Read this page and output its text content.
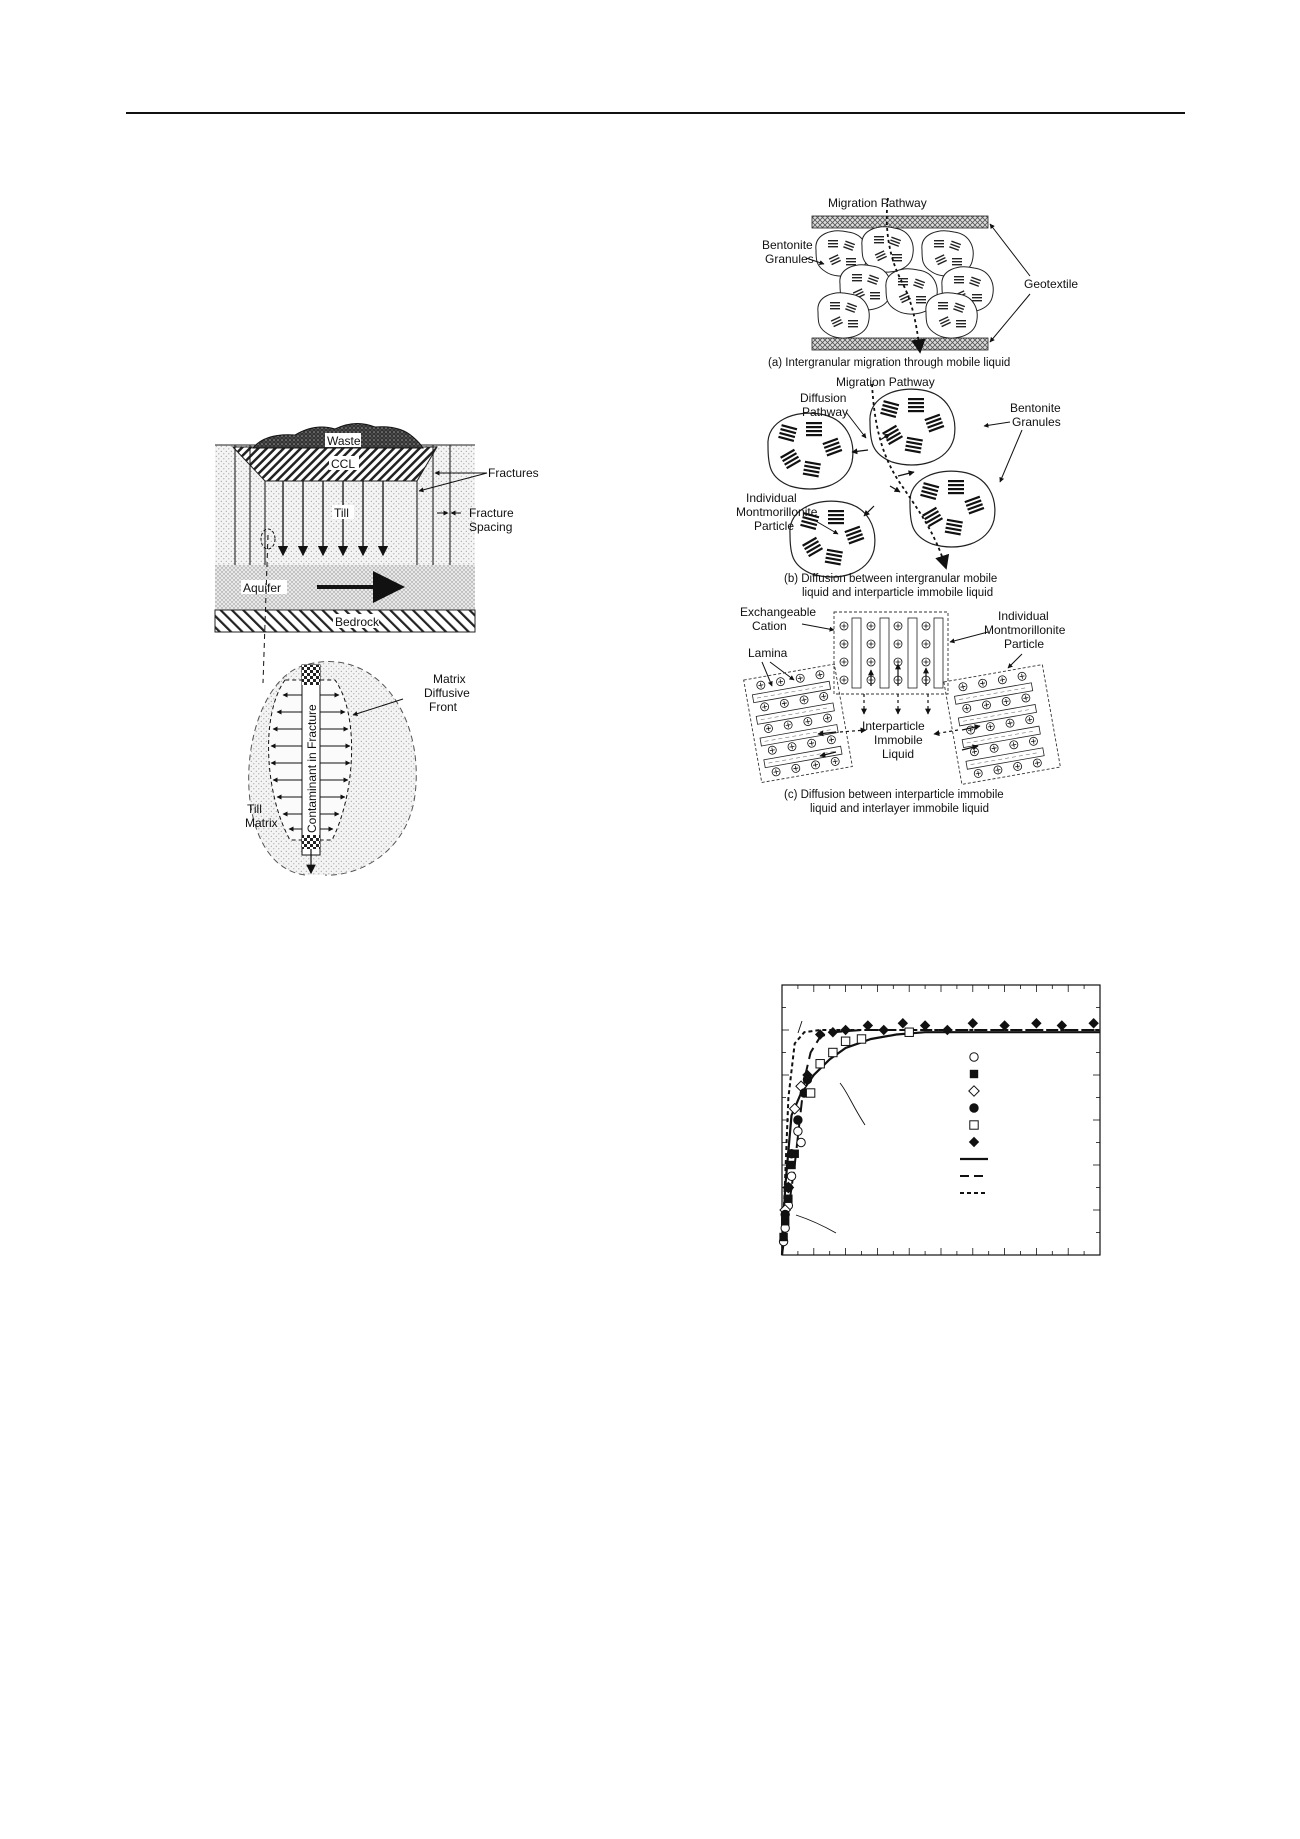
Bedrock
Waste
CCL
Till
Aquifer
Fractures
Fracture
Spacing
Contaminant in Fracture
Matrix
Diffusive
Front
Till
Matrix
Migration Pathway
Bentonite
Granules
Geotextile
(a) Intergranular migration through mobile liquid
Migration Pathway
Diffusion
Pathway	Bentonite
Granules
Individual
Montmorillonite
Particle
(b) Diffusion between intergranular mobile
liquid and interparticle immobile liquid
Exchangeable
Cation
Individual
Montmorillonite
Particle
Lamina
Interparticle
Immobile
Liquid
(c) Diffusion between interparticle immobile
liquid and interlayer immobile liquid
